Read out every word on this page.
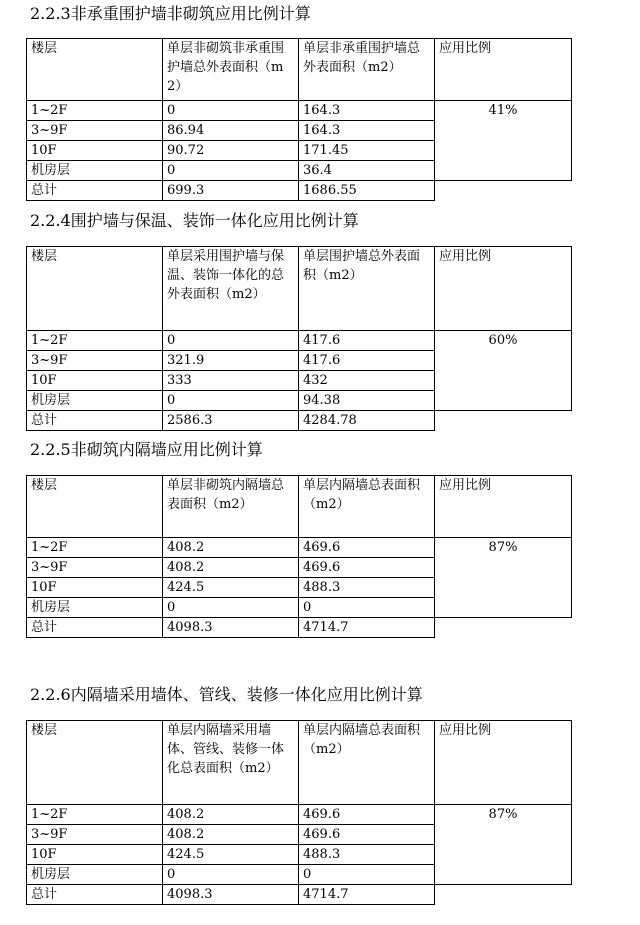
2.2.3非承重围护墙非砌筑应用比例计算
楼层	单层非砌筑非承重围护墙总外表面积（m2）	单层非承重围护墙总外表面积（m2）	应用比例
1~2F	0	164.3	41%
3~9F	86.94	164.3	
10F	90.72	171.45	
机房层	0	36.4	
总计	699.3	1686.55	
2.2.4围护墙与保温、装饰一体化应用比例计算
楼层	单层采用围护墙与保温、装饰一体化的总外表面积（m2）	单层围护墙总外表面积（m2）	应用比例
1~2F	0	417.6	60%
3~9F	321.9	417.6	
10F	333	432	
机房层	0	94.38	
总计	2586.3	4284.78	
2.2.5非砌筑内隔墙应用比例计算
楼层	单层非砌筑内隔墙总表面积（m2）	单层内隔墙总表面积（m2）	应用比例
1~2F	408.2	469.6	87%
3~9F	408.2	469.6	
10F	424.5	488.3	
机房层	0	0	
总计	4098.3	4714.7	
2.2.6内隔墙采用墙体、管线、装修一体化应用比例计算
楼层	单层内隔墙采用墙体、管线、装修一体化总表面积（m2）	单层内隔墙总表面积（m2）	应用比例
1~2F	408.2	469.6	87%
3~9F	408.2	469.6	
10F	424.5	488.3	
机房层	0	0	
总计	4098.3	4714.7	
